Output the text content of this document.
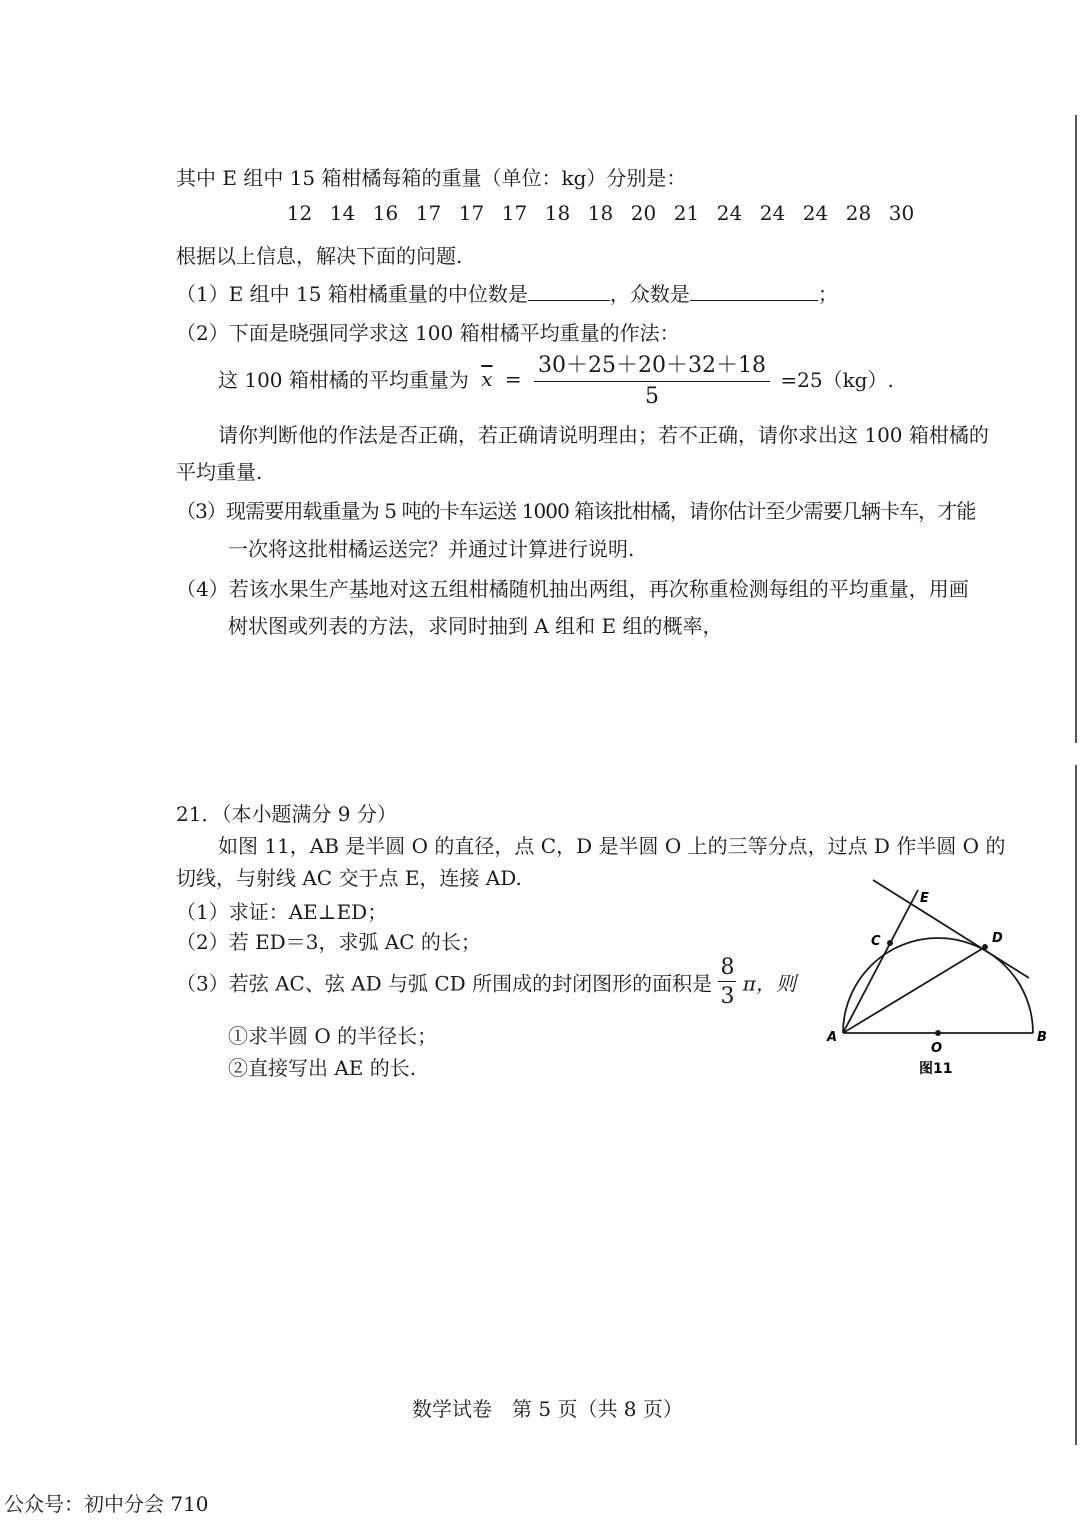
其中 E 组中 15 箱柑橘每箱的重量（单位：kg）分别是：
12 14 16 17 17 17 18 18 20 21 24 24 24 28 30
根据以上信息，解决下面的问题.
（1）E 组中 15 箱柑橘重量的中位数是	，众数是	；
（2）下面是晓强同学求这 100 箱柑橘平均重量的作法：
这 100 箱柑橘的平均重量为 $\overline{x} = \frac{30+25+20+32+18}{5} =25(kg)$.
请你判断他的作法是否正确，若正确请说明理由；若不正确，请你求出这 100 箱柑橘的
平均重量.
（3）现需要用载重量为 5 吨的卡车运送 1000 箱该批柑橘，请你估计至少需要几辆卡车，才能
一次将这批柑橘运送完？并通过计算进行说明.
（4）若该水果生产基地对这五组柑橘随机抽出两组，再次称重检测每组的平均重量，用画
树状图或列表的方法，求同时抽到 A 组和 E 组的概率，
21．（本小题满分 9 分）
如图 11，AB 是半圆 O 的直径，点 C，D 是半圆 O 上的三等分点，过点 D 作半圆 O 的
切线，与射线 AC 交于点 E，连接 AD.
（1）求证：AE⊥ED；
（2）若 ED＝3，求弧 AC 的长；
（3）若弦 AC、弦 AD 与弧 CD 所围成的封闭图形的面积是 $\frac{8}{3}$ π，则
①求半圆 O 的半径长；
②直接写出 AE 的长.
A	B
C	D
E
O
图11
数学试卷　第 5 页（共 8 页）
公众号：初中分会 710
